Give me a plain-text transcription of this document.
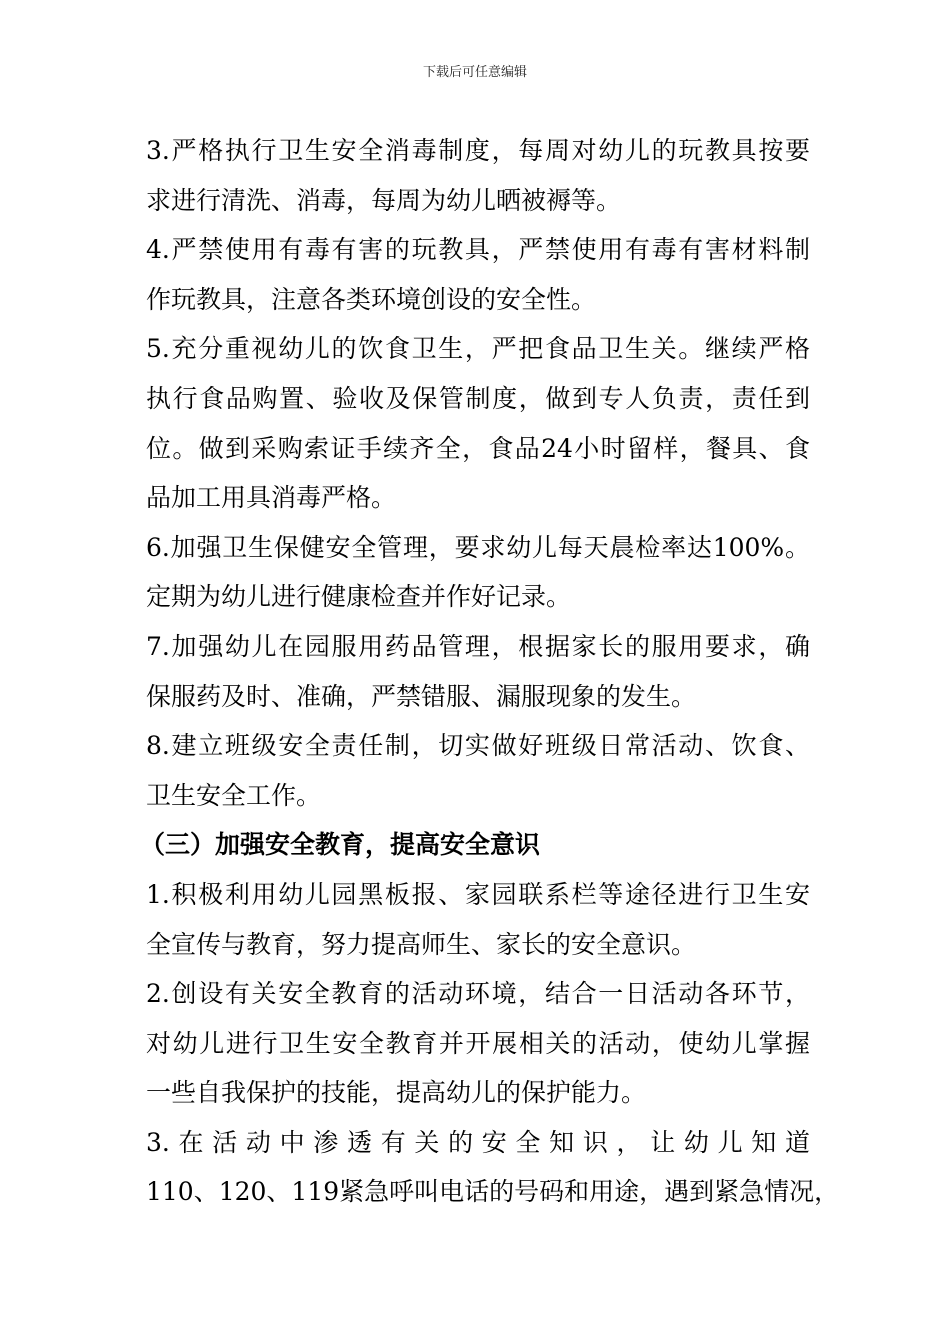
下载后可任意编辑
3.严格执行卫生安全消毒制度，每周对幼儿的玩教具按要
求进行清洗、消毒，每周为幼儿晒被褥等。
4.严禁使用有毒有害的玩教具，严禁使用有毒有害材料制
作玩教具，注意各类环境创设的安全性。
5.充分重视幼儿的饮食卫生，严把食品卫生关。继续严格
执行食品购置、验收及保管制度，做到专人负责，责任到
位。做到采购索证手续齐全，食品24小时留样，餐具、食
品加工用具消毒严格。
6.加强卫生保健安全管理，要求幼儿每天晨检率达100%。
定期为幼儿进行健康检查并作好记录。
7.加强幼儿在园服用药品管理，根据家长的服用要求，确
保服药及时、准确，严禁错服、漏服现象的发生。
8.建立班级安全责任制，切实做好班级日常活动、饮食、
卫生安全工作。
（三）加强安全教育，提高安全意识
1.积极利用幼儿园黑板报、家园联系栏等途径进行卫生安
全宣传与教育，努力提高师生、家长的安全意识。
2.创设有关安全教育的活动环境，结合一日活动各环节，
对幼儿进行卫生安全教育并开展相关的活动，使幼儿掌握
一些自我保护的技能，提高幼儿的保护能力。
3.在活动中渗透有关的安全知识，让幼儿知道
110、120、119紧急呼叫电话的号码和用途，遇到紧急情况，
